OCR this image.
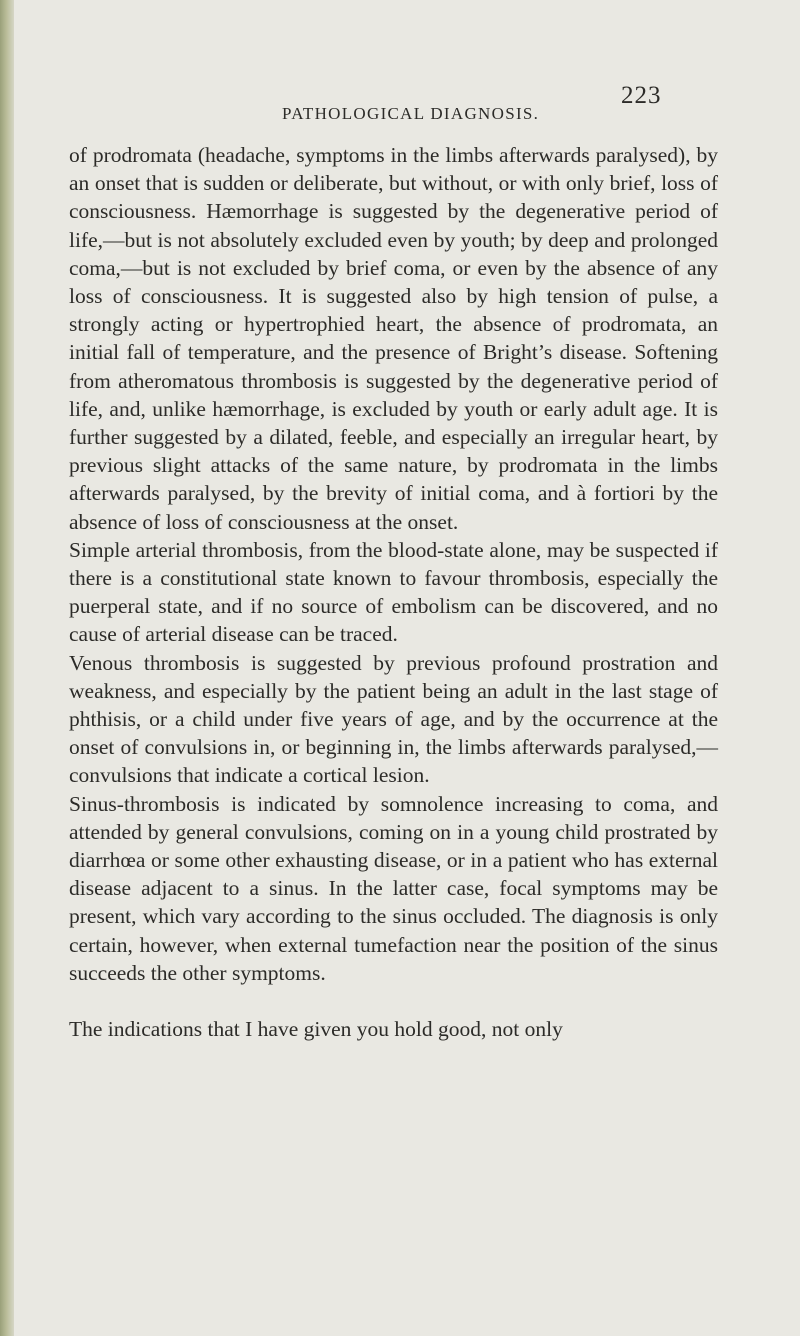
PATHOLOGICAL DIAGNOSIS.
223

of prodromata (headache, symptoms in the limbs afterwards paralysed), by an onset that is sudden or deliberate, but without, or with only brief, loss of consciousness. Hæmorrhage is suggested by the degenerative period of life,—but is not absolutely excluded even by youth; by deep and prolonged coma,—but is not excluded by brief coma, or even by the absence of any loss of consciousness. It is suggested also by high tension of pulse, a strongly acting or hypertrophied heart, the absence of prodromata, an initial fall of temperature, and the presence of Bright’s disease. Softening from atheromatous thrombosis is suggested by the degenerative period of life, and, unlike hæmorrhage, is excluded by youth or early adult age. It is further suggested by a dilated, feeble, and especially an irregular heart, by previous slight attacks of the same nature, by prodromata in the limbs afterwards paralysed, by the brevity of initial coma, and à fortiori by the absence of loss of consciousness at the onset.

Simple arterial thrombosis, from the blood-state alone, may be suspected if there is a constitutional state known to favour thrombosis, especially the puerperal state, and if no source of embolism can be discovered, and no cause of arterial disease can be traced.

Venous thrombosis is suggested by previous profound prostration and weakness, and especially by the patient being an adult in the last stage of phthisis, or a child under five years of age, and by the occurrence at the onset of convulsions in, or beginning in, the limbs afterwards paralysed,— convulsions that indicate a cortical lesion.

Sinus-thrombosis is indicated by somnolence increasing to coma, and attended by general convulsions, coming on in a young child prostrated by diarrhœa or some other exhausting disease, or in a patient who has external disease adjacent to a sinus. In the latter case, focal symptoms may be present, which vary according to the sinus occluded. The diagnosis is only certain, however, when external tumefaction near the position of the sinus succeeds the other symptoms.

The indications that I have given you hold good, not only
